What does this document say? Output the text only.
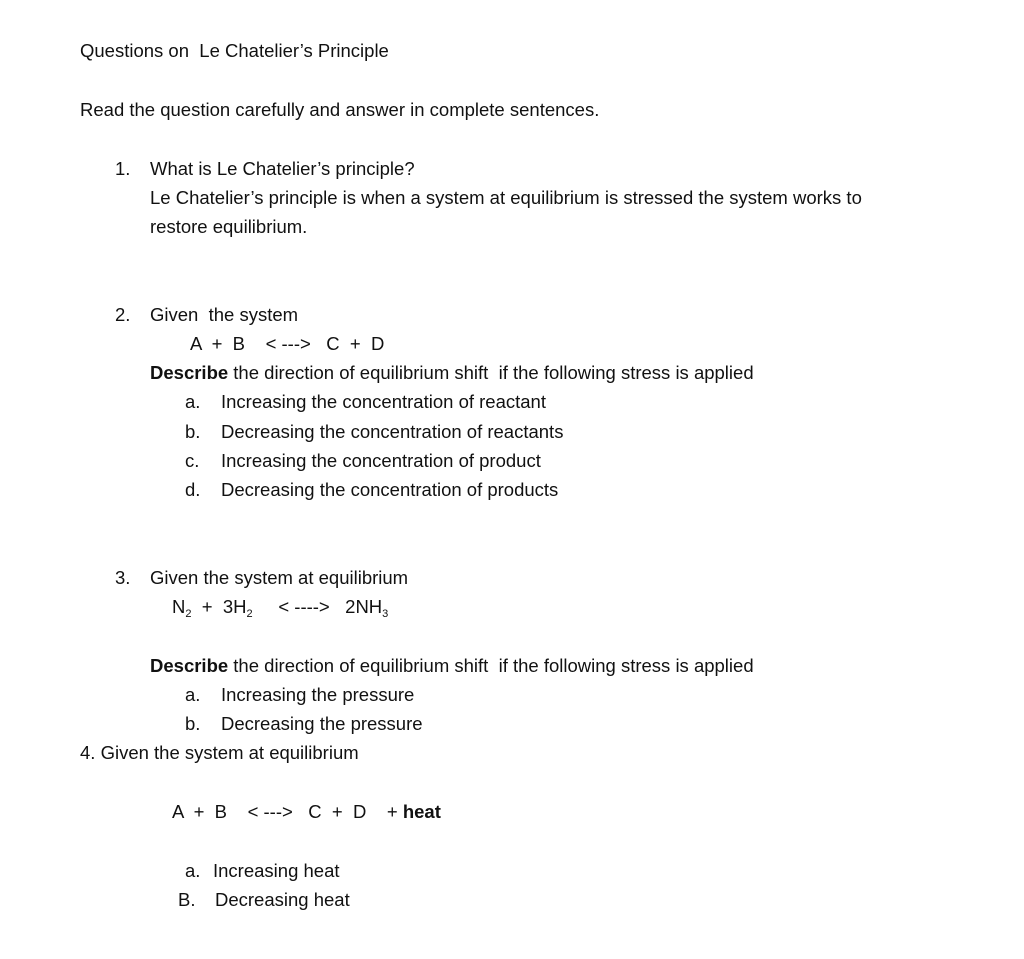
Questions on  Le Chatelier’s Principle
Read the question carefully and answer in complete sentences.
1. What is Le Chatelier’s principle?
Le Chatelier’s principle is when a system at equilibrium is stressed the system works to
restore equilibrium.
2. Given  the system
A  +  B    < --->   C  +  D
Describe the direction of equilibrium shift  if the following stress is applied
a. Increasing the concentration of reactant
b. Decreasing the concentration of reactants
c. Increasing the concentration of product
d. Decreasing the concentration of products
3. Given the system at equilibrium
$N_2 + 3H_2$     < ---->   $2NH_3$
Describe the direction of equilibrium shift  if the following stress is applied
a. Increasing the pressure
b. Decreasing the pressure
4. Given the system at equilibrium
A  +  B    < --->   C  +  D    + heat
a. Increasing heat
B. Decreasing heat
